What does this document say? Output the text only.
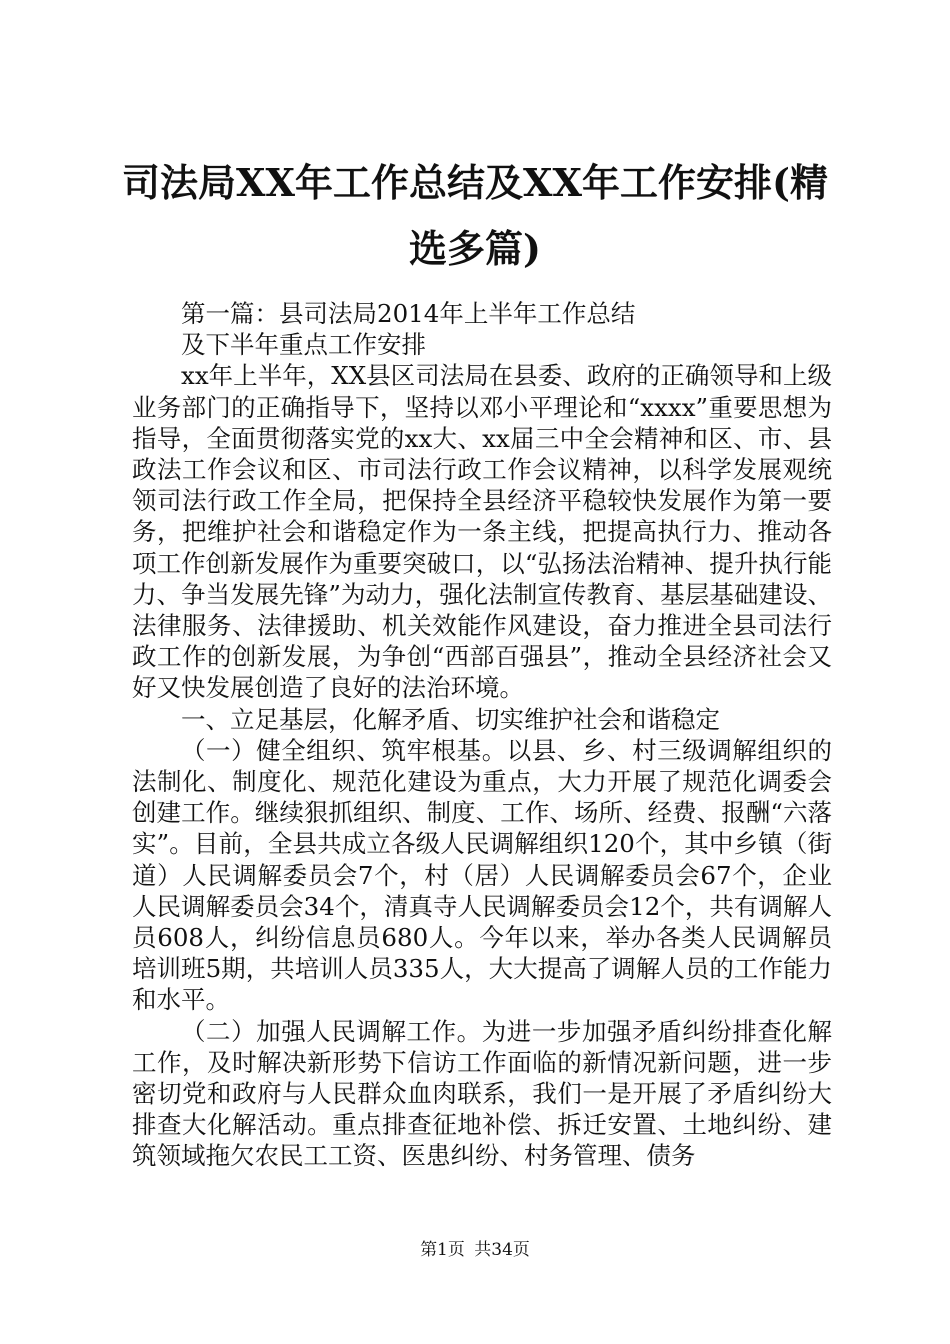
司法局XX年工作总结及XX年工作安排(精选多篇)

第一篇：县司法局2014年上半年工作总结

及下半年重点工作安排

xx年上半年，XX县区司法局在县委、政府的正确领导和上级业务部门的正确指导下，坚持以邓小平理论和“xxxx”重要思想为指导，全面贯彻落实党的xx大、xx届三中全会精神和区、市、县政法工作会议和区、市司法行政工作会议精神，以科学发展观统领司法行政工作全局，把保持全县经济平稳较快发展作为第一要务，把维护社会和谐稳定作为一条主线，把提高执行力、推动各项工作创新发展作为重要突破口，以“弘扬法治精神、提升执行能力、争当发展先锋”为动力，强化法制宣传教育、基层基础建设、法律服务、法律援助、机关效能作风建设，奋力推进全县司法行政工作的创新发展，为争创“西部百强县”，推动全县经济社会又好又快发展创造了良好的法治环境。

一、立足基层，化解矛盾、切实维护社会和谐稳定

（一）健全组织、筑牢根基。以县、乡、村三级调解组织的法制化、制度化、规范化建设为重点，大力开展了规范化调委会创建工作。继续狠抓组织、制度、工作、场所、经费、报酬“六落实”。目前，全县共成立各级人民调解组织120个，其中乡镇（街道）人民调解委员会7个，村（居）人民调解委员会67个，企业人民调解委员会34个，清真寺人民调解委员会12个，共有调解人员608人，纠纷信息员680人。今年以来，举办各类人民调解员培训班5期，共培训人员335人，大大提高了调解人员的工作能力和水平。

（二）加强人民调解工作。为进一步加强矛盾纠纷排查化解工作，及时解决新形势下信访工作面临的新情况新问题，进一步密切党和政府与人民群众血肉联系，我们一是开展了矛盾纠纷大排查大化解活动。重点排查征地补偿、拆迁安置、土地纠纷、建筑领域拖欠农民工工资、医患纠纷、村务管理、债务

第1页 共34页
